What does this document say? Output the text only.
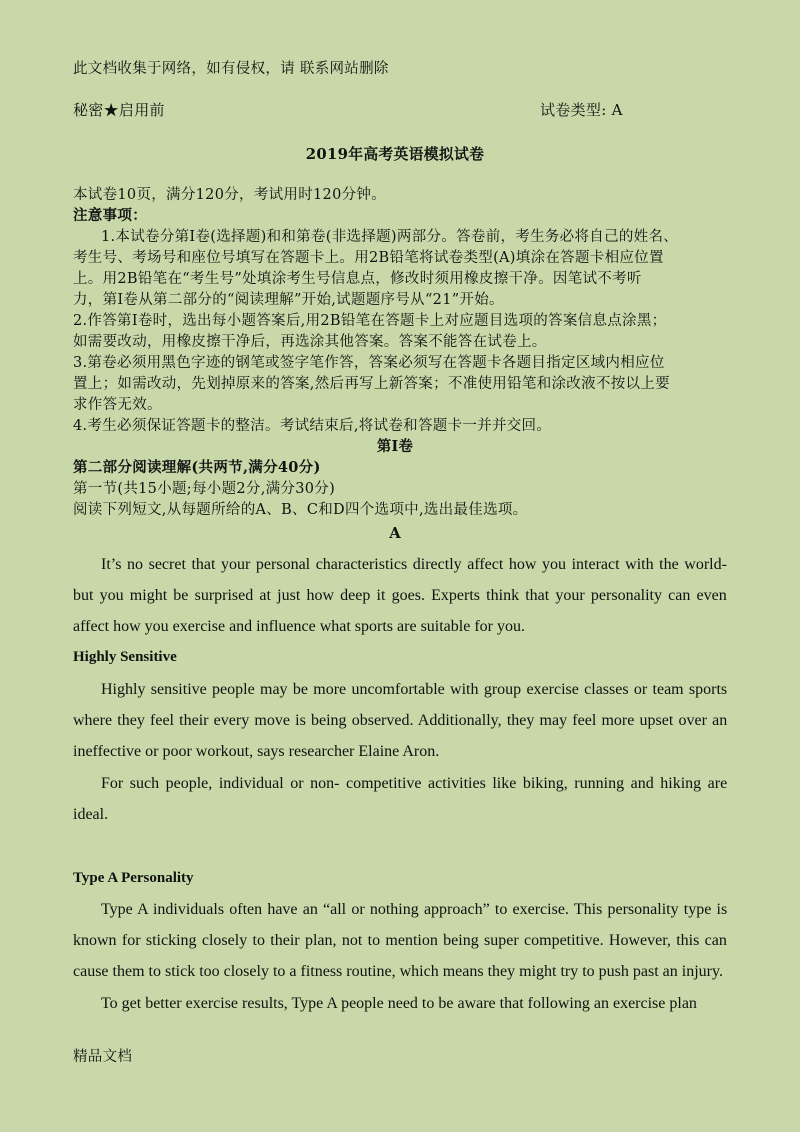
此文档收集于网络，如有侵权，请 联系网站删除
秘密★启用前	试卷类型: A
2019年高考英语模拟试卷
本试卷10页，满分120分，考试用时120分钟。
注意事项：
1.本试卷分第I卷(选择题)和和第卷(非选择题)两部分。答卷前，考生务必将自己的姓名、
考生号、考场号和座位号填写在答题卡上。用2B铅笔将试卷类型(A)填涂在答题卡相应位置
上。用2B铅笔在“考生号”处填涂考生号信息点，修改时须用橡皮擦干净。因笔试不考听
力，第I卷从第二部分的“阅读理解”开始,试题题序号从“21”开始。
2.作答第I卷时，选出每小题答案后,用2B铅笔在答题卡上对应题目选项的答案信息点涂黑；
如需要改动，用橡皮擦干净后，再选涂其他答案。答案不能答在试卷上。
3.第卷必须用黑色字迹的钢笔或签字笔作答，答案必须写在答题卡各题目指定区域内相应位
置上；如需改动，先划掉原来的答案,然后再写上新答案；不准使用铅笔和涂改液不按以上要
求作答无效。
4.考生必须保证答题卡的整洁。考试结束后,将试卷和答题卡一并并交回。
第I卷
第二部分阅读理解(共两节,满分40分)
第一节(共15小题;每小题2分,满分30分)
阅读下列短文,从每题所给的A、B、C和D四个选项中,选出最佳选项。
A
It’s no secret that your personal characteristics directly affect how you interact with the world-
but you might be surprised at just how deep it goes. Experts think that your personality can even
affect how you exercise and influence what sports are suitable for you.
Highly Sensitive
Highly sensitive people may be more uncomfortable with group exercise classes or team sports
where they feel their every move is being observed. Additionally, they may feel more upset over an
ineffective or poor workout, says researcher Elaine Aron.
For such people, individual or non- competitive activities like biking, running and hiking are
ideal.
Type A Personality
Type A individuals often have an “all or nothing approach” to exercise. This personality type is
known for sticking closely to their plan, not to mention being super competitive. However, this can
cause them to stick too closely to a fitness routine, which means they might try to push past an injury.
To get better exercise results, Type A people need to be aware that following an exercise plan
精品文档
